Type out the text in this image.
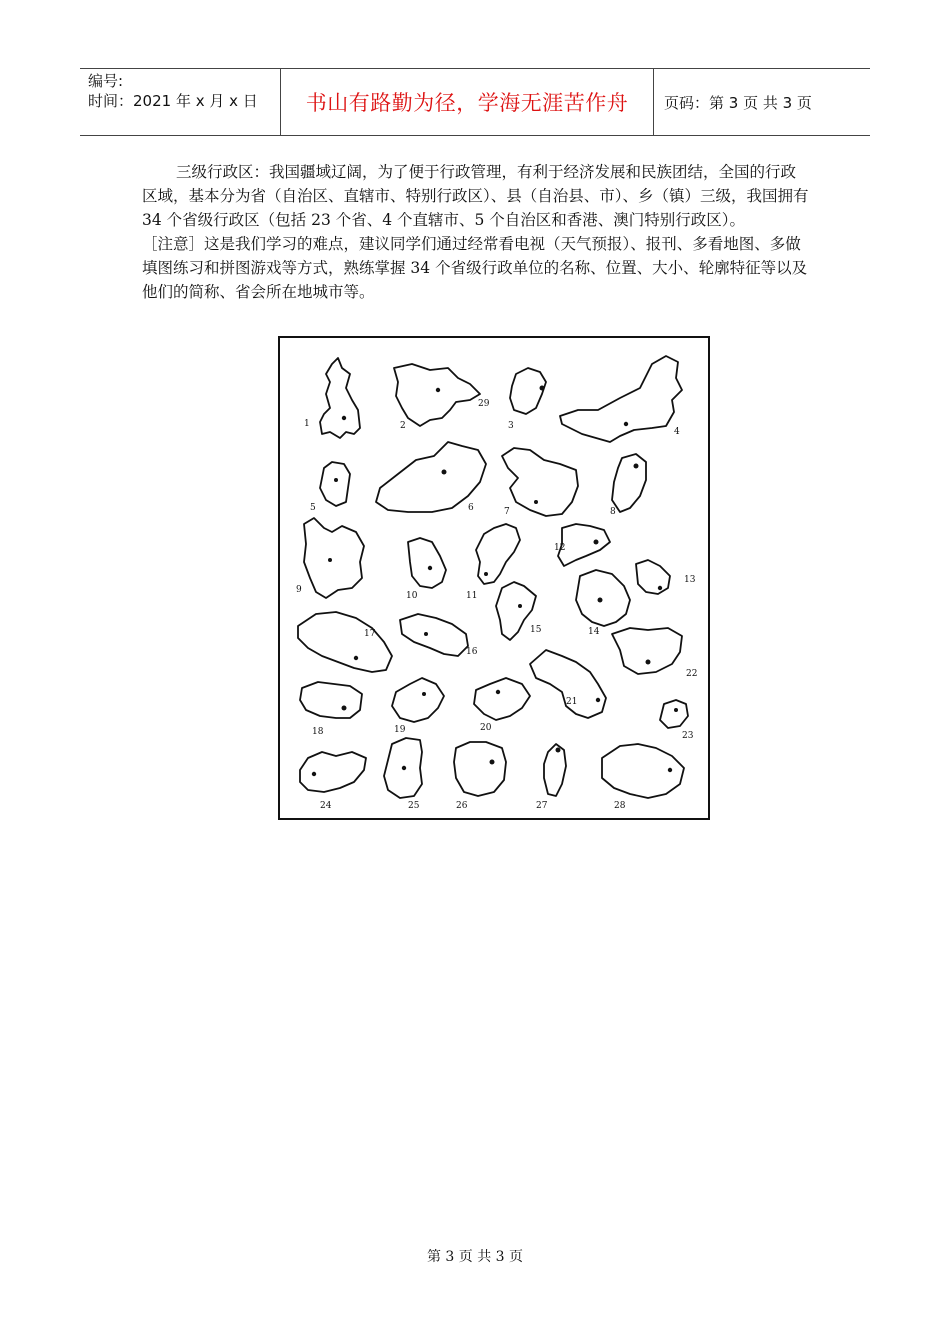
编号:
时间：2021 年 x 月 x 日	书山有路勤为径，学海无涯苦作舟	页码：第 3 页 共 3 页

三级行政区：我国疆域辽阔，为了便于行政管理，有利于经济发展和民族团结，全国的行政区域，基本分为省（自治区、直辖市、特别行政区）、县（自治县、市）、乡（镇）三级，我国拥有 34 个省级行政区（包括 23 个省、4 个直辖市、5 个自治区和香港、澳门特别行政区）。

［注意］这是我们学习的难点，建议同学们通过经常看电视（天气预报）、报刊、多看地图、多做填图练习和拼图游戏等方式，熟练掌握 34 个省级行政单位的名称、位置、大小、轮廓特征等以及他们的简称、省会所在地城市等。

1	2
29
3
4
5	6	7	8
9
10	11
12
13
14
15
16
17
22
21
18	19	20
23
24	25	26	27	28
第 3 页 共 3 页
